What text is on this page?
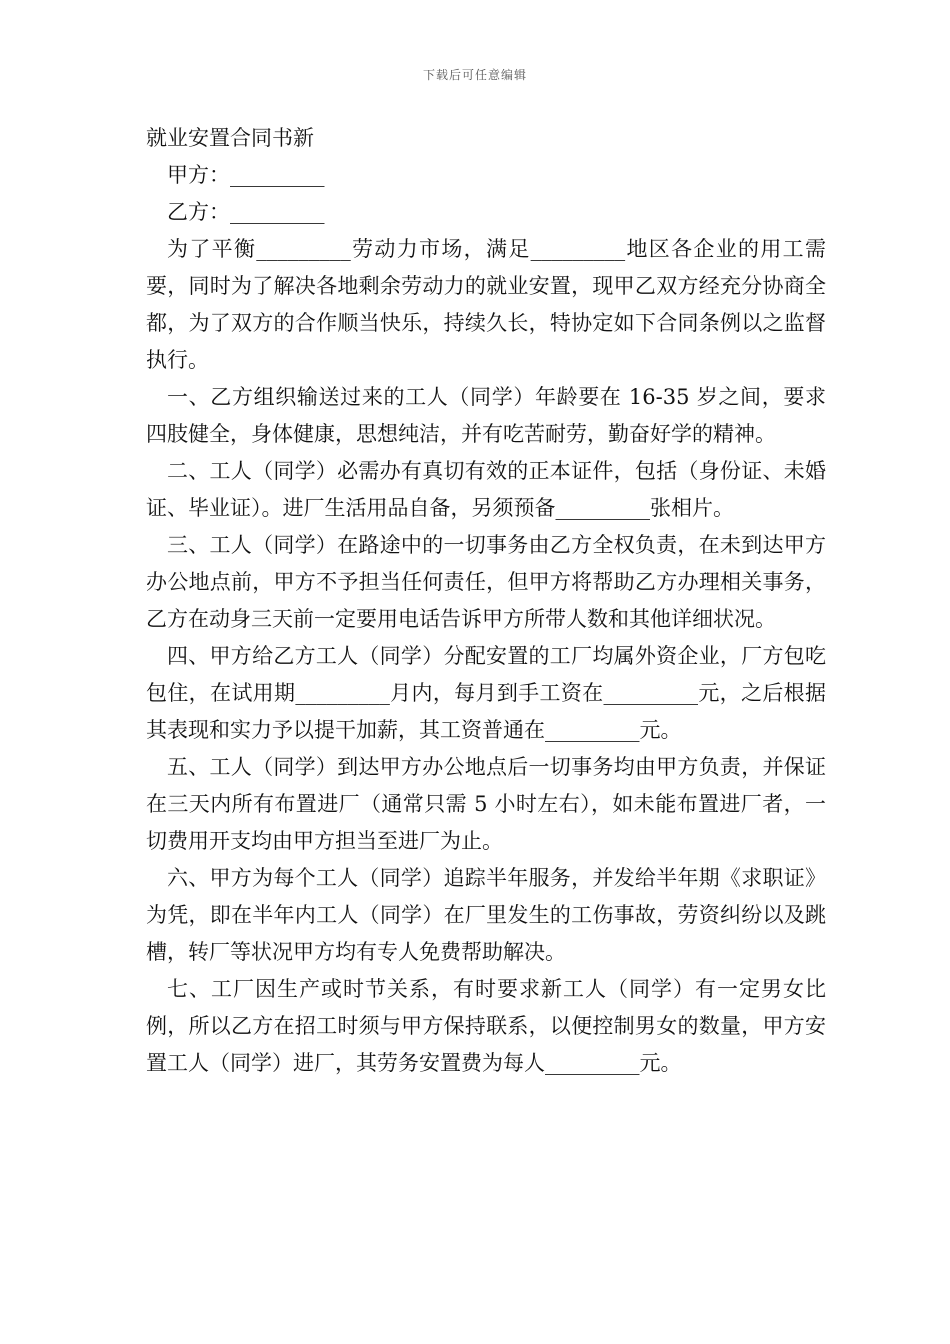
下载后可任意编辑

就业安置合同书新

甲方：_________

乙方：_________

为了平衡_________劳动力市场，满足_________地区各企业的用工需要，同时为了解决各地剩余劳动力的就业安置，现甲乙双方经充分协商全都，为了双方的合作顺当快乐，持续久长，特协定如下合同条例以之监督执行。

一、乙方组织输送过来的工人（同学）年龄要在 16-35 岁之间，要求四肢健全，身体健康，思想纯洁，并有吃苦耐劳，勤奋好学的精神。

二、工人（同学）必需办有真切有效的正本证件，包括（身份证、未婚证、毕业证）。进厂生活用品自备，另须预备_________张相片。

三、工人（同学）在路途中的一切事务由乙方全权负责，在未到达甲方办公地点前，甲方不予担当任何责任，但甲方将帮助乙方办理相关事务，乙方在动身三天前一定要用电话告诉甲方所带人数和其他详细状况。

四、甲方给乙方工人（同学）分配安置的工厂均属外资企业，厂方包吃包住，在试用期_________月内，每月到手工资在_________元，之后根据其表现和实力予以提干加薪，其工资普通在_________元。

五、工人（同学）到达甲方办公地点后一切事务均由甲方负责，并保证在三天内所有布置进厂（通常只需 5 小时左右），如未能布置进厂者，一切费用开支均由甲方担当至进厂为止。

六、甲方为每个工人（同学）追踪半年服务，并发给半年期《求职证》为凭，即在半年内工人（同学）在厂里发生的工伤事故，劳资纠纷以及跳槽，转厂等状况甲方均有专人免费帮助解决。

七、工厂因生产或时节关系，有时要求新工人（同学）有一定男女比例，所以乙方在招工时须与甲方保持联系，以便控制男女的数量，甲方安置工人（同学）进厂，其劳务安置费为每人_________元。
